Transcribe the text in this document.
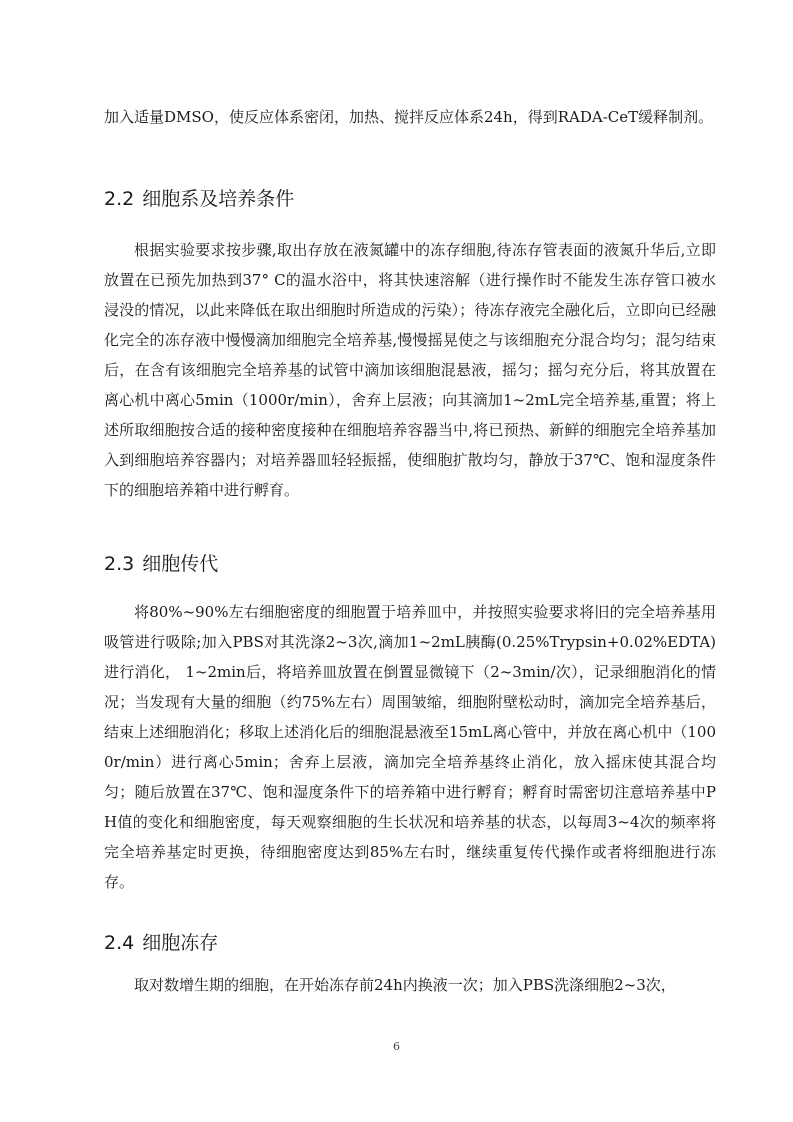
加入适量DMSO，使反应体系密闭，加热、搅拌反应体系24h，得到RADA-CeT缓释制剂。

2.2 细胞系及培养条件

根据实验要求按步骤,取出存放在液氮罐中的冻存细胞,待冻存管表面的液氮升华后,立即放置在已预先加热到37° C的温水浴中，将其快速溶解（进行操作时不能发生冻存管口被水浸没的情况，以此来降低在取出细胞时所造成的污染）；待冻存液完全融化后，立即向已经融化完全的冻存液中慢慢滴加细胞完全培养基,慢慢摇晃使之与该细胞充分混合均匀；混匀结束后，在含有该细胞完全培养基的试管中滴加该细胞混悬液，摇匀；摇匀充分后，将其放置在离心机中离心5min（1000r/min），舍弃上层液；向其滴加1~2mL完全培养基,重置；将上述所取细胞按合适的接种密度接种在细胞培养容器当中,将已预热、新鲜的细胞完全培养基加入到细胞培养容器内；对培养器皿轻轻振摇，使细胞扩散均匀，静放于37℃、饱和湿度条件下的细胞培养箱中进行孵育。

2.3 细胞传代

将80%~90%左右细胞密度的细胞置于培养皿中，并按照实验要求将旧的完全培养基用吸管进行吸除;加入PBS对其洗涤2~3次,滴加1~2mL胰酶(0.25%Trypsin+0.02%EDTA)进行消化， 1~2min后，将培养皿放置在倒置显微镜下（2~3min/次），记录细胞消化的情况；当发现有大量的细胞（约75%左右）周围皱缩，细胞附壁松动时，滴加完全培养基后，结束上述细胞消化；移取上述消化后的细胞混悬液至15mL离心管中，并放在离心机中（1000r/min）进行离心5min；舍弃上层液，滴加完全培养基终止消化，放入摇床使其混合均匀；随后放置在37℃、饱和湿度条件下的培养箱中进行孵育；孵育时需密切注意培养基中PH值的变化和细胞密度，每天观察细胞的生长状况和培养基的状态，以每周3~4次的频率将完全培养基定时更换，待细胞密度达到85%左右时，继续重复传代操作或者将细胞进行冻存。

2.4 细胞冻存

取对数增生期的细胞，在开始冻存前24h内换液一次；加入PBS洗涤细胞2~3次，

6
